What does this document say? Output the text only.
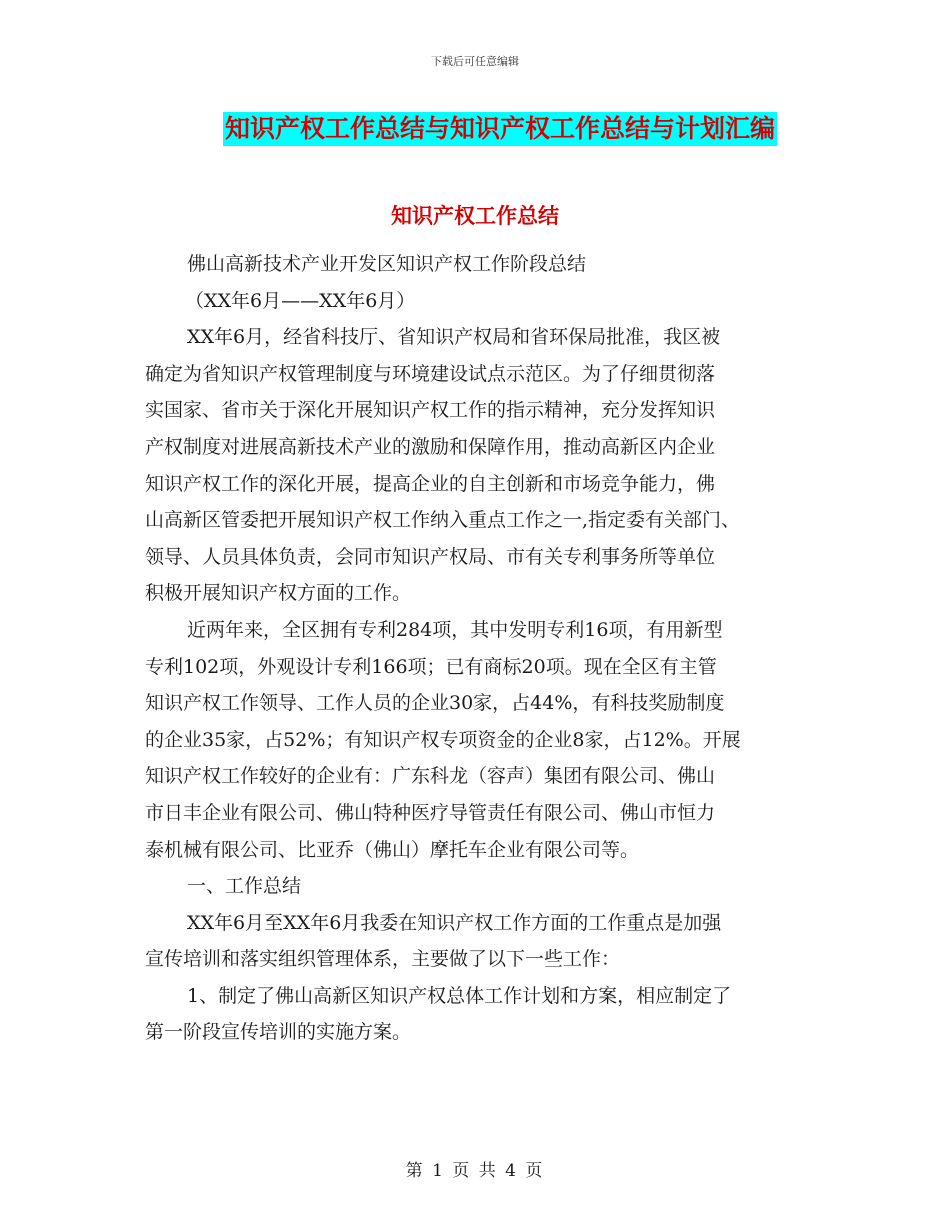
下载后可任意编辑
知识产权工作总结与知识产权工作总结与计划汇编
知识产权工作总结
佛山高新技术产业开发区知识产权工作阶段总结
（XX年6月——XX年6月）
XX年6月，经省科技厅、省知识产权局和省环保局批准，我区被
确定为省知识产权管理制度与环境建设试点示范区。为了仔细贯彻落
实国家、省市关于深化开展知识产权工作的指示精神，充分发挥知识
产权制度对进展高新技术产业的激励和保障作用，推动高新区内企业
知识产权工作的深化开展，提高企业的自主创新和市场竞争能力，佛
山高新区管委把开展知识产权工作纳入重点工作之一,指定委有关部门、
领导、人员具体负责，会同市知识产权局、市有关专利事务所等单位
积极开展知识产权方面的工作。
近两年来，全区拥有专利284项，其中发明专利16项，有用新型
专利102项，外观设计专利166项；已有商标20项。现在全区有主管
知识产权工作领导、工作人员的企业30家，占44%，有科技奖励制度
的企业35家，占52%；有知识产权专项资金的企业8家，占12%。开展
知识产权工作较好的企业有：广东科龙（容声）集团有限公司、佛山
市日丰企业有限公司、佛山特种医疗导管责任有限公司、佛山市恒力
泰机械有限公司、比亚乔（佛山）摩托车企业有限公司等。
一、工作总结
XX年6月至XX年6月我委在知识产权工作方面的工作重点是加强
宣传培训和落实组织管理体系，主要做了以下一些工作：
1、制定了佛山高新区知识产权总体工作计划和方案，相应制定了
第一阶段宣传培训的实施方案。
第 1 页 共 4 页
